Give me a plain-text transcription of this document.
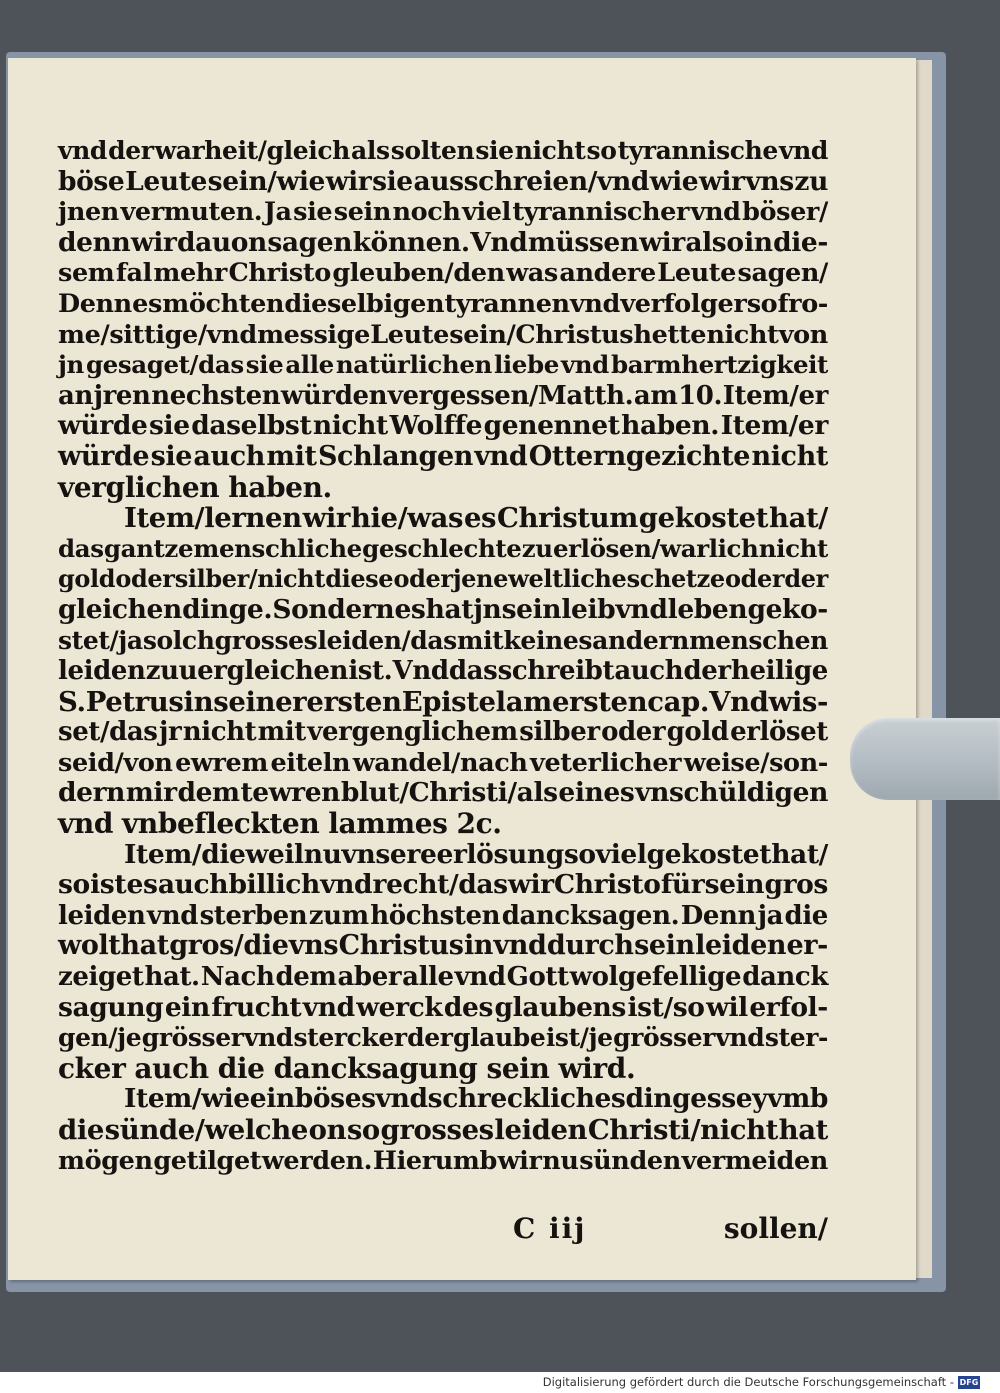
vnd der warheit/gleich als solten sie nicht so tyrannische vnd
böse Leute sein/wie wir sie ausschreien/vnd wie wir vns zu
jnen vermuten. Ja sie sein noch viel tyrannischer vnd böser/
denn wir dauon sagen können. Vnd müssen wir also in die-
sem fal mehr Christo gleuben/den was andere Leute sagen/
Denn es möchten dieselbigen tyrannen vnd verfolger so fro-
me/sittige/vnd messige Leute sein/Christus hette nicht von
jn gesaget/das sie alle natürlichen liebe vnd barmhertzigkeit
an jren nechsten würden vergessen/Matth. am 10. Item/er
würde sie daselbst nicht Wolffe genennet haben. Item/er
würde sie auch mit Schlangen vnd Otterngezichte nicht
verglichen haben.
Item/lernen wir hie/was es Christum gekostet hat/
das gantze menschliche geschlechte zu erlösen/warlich nicht
gold oder silber/nicht diese oder jene weltliche schetze oder der
gleichen dinge. Sondern es hat jn sein leib vnd leben geko-
stet/ja solch grosses leiden/das mit keines andern menschen
leiden zuuergleichen ist. Vnd das schreibt auch der heilige
S. Petrus in seiner ersten Epistel am ersten cap. Vnd wis-
set/das jr nicht mit vergenglichem silber oder gold erlöset
seid/von ewrem eiteln wandel/nach veterlicher weise/son-
dern mir dem tewren blut/Christi/als eines vnschüldigen
vnd vnbefleckten lammes 2c.
Item/dieweil nu vnsere erlösung so viel gekostet hat/
so ist es auch billich vnd recht/das wir Christo für sein gros
leiden vnd sterben zum höchsten dancksagen. Denn ja die
wolthat gros/die vns Christus in vnd durch sein leiden er-
zeiget hat. Nach dem aber alle vnd Gott wolgefellige danck
sagung ein frucht vnd werck des glaubens ist/so wil erfol-
gen/je grösser vnd stercker der glaube ist/je grösser vnd ster-
cker auch die dancksagung sein wird.
Item/wie ein böses vnd schreckliches ding es sey vmb
die sünde/welche on so grosses leiden Christi/nicht hat
mögen getilget werden. Hierumb wir nu sünden vermeiden
C iij	sollen/
Digitalisierung gefördert durch die Deutsche Forschungsgemeinschaft - DFG
